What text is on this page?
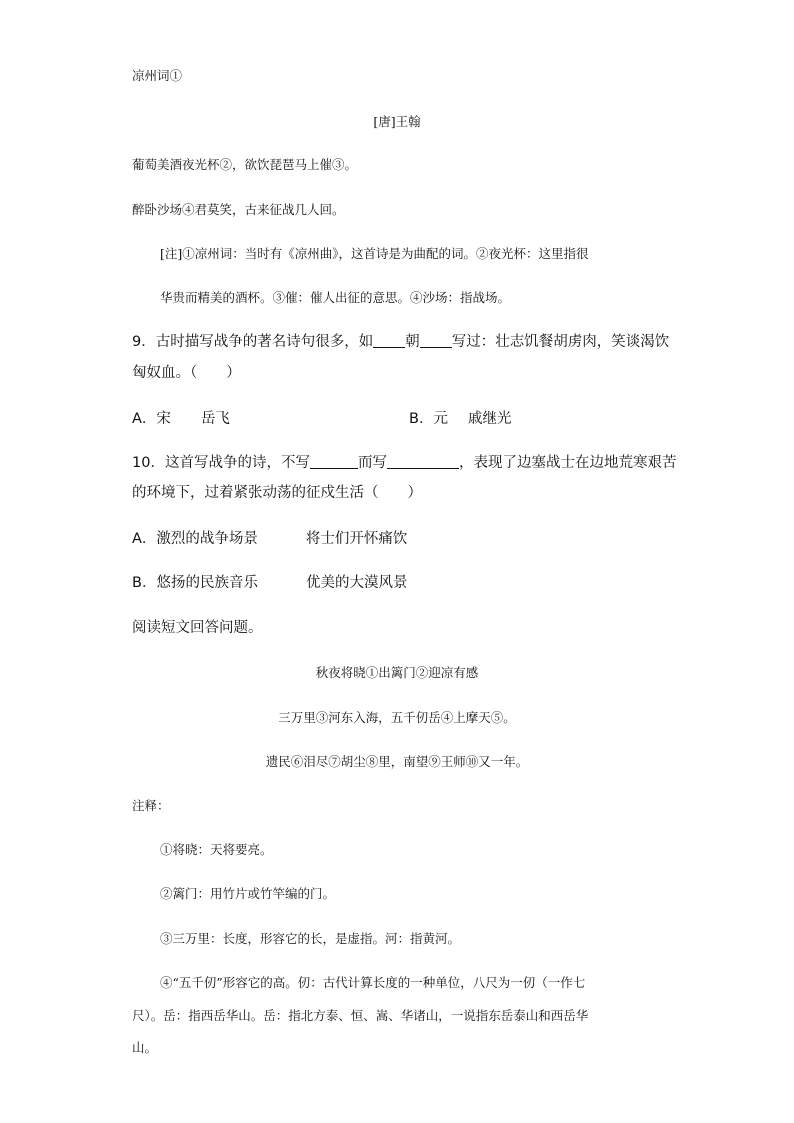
凉州词①
[唐]王翰
葡萄美酒夜光杯②，欲饮琵琶马上催③。
醉卧沙场④君莫笑，古来征战几人回。
[注]①凉州词：当时有《凉州曲》，这首诗是为曲配的词。②夜光杯：这里指很
华贵而精美的酒杯。③催：催人出征的意思。④沙场：指战场。
9．古时描写战争的著名诗句很多，如 朝 写过：壮志饥餐胡虏肉，笑谈渴饮
匈奴血。（　　）
A．宋 岳飞	B．元 戚继光
10．这首写战争的诗，不写	而写	，表现了边塞战士在边地荒寒艰苦
的环境下，过着紧张动荡的征戍生活（　　）
A．激烈的战争场景	将士们开怀痛饮
B．悠扬的民族音乐	优美的大漠风景
阅读短文回答问题。
秋夜将晓①出篱门②迎凉有感
三万里③河东入海，五千仞岳④上摩天⑤。
遗民⑥泪尽⑦胡尘⑧里，南望⑨王师⑩又一年。
注释：
①将晓：天将要亮。
②篱门：用竹片或竹竿编的门。
③三万里：长度，形容它的长，是虚指。河：指黄河。
④“五千仞”形容它的高。仞：古代计算长度的一种单位，八尺为一仞（一作七
尺）。岳：指西岳华山。岳：指北方泰、恒、嵩、华诸山，一说指东岳泰山和西岳华
山。
